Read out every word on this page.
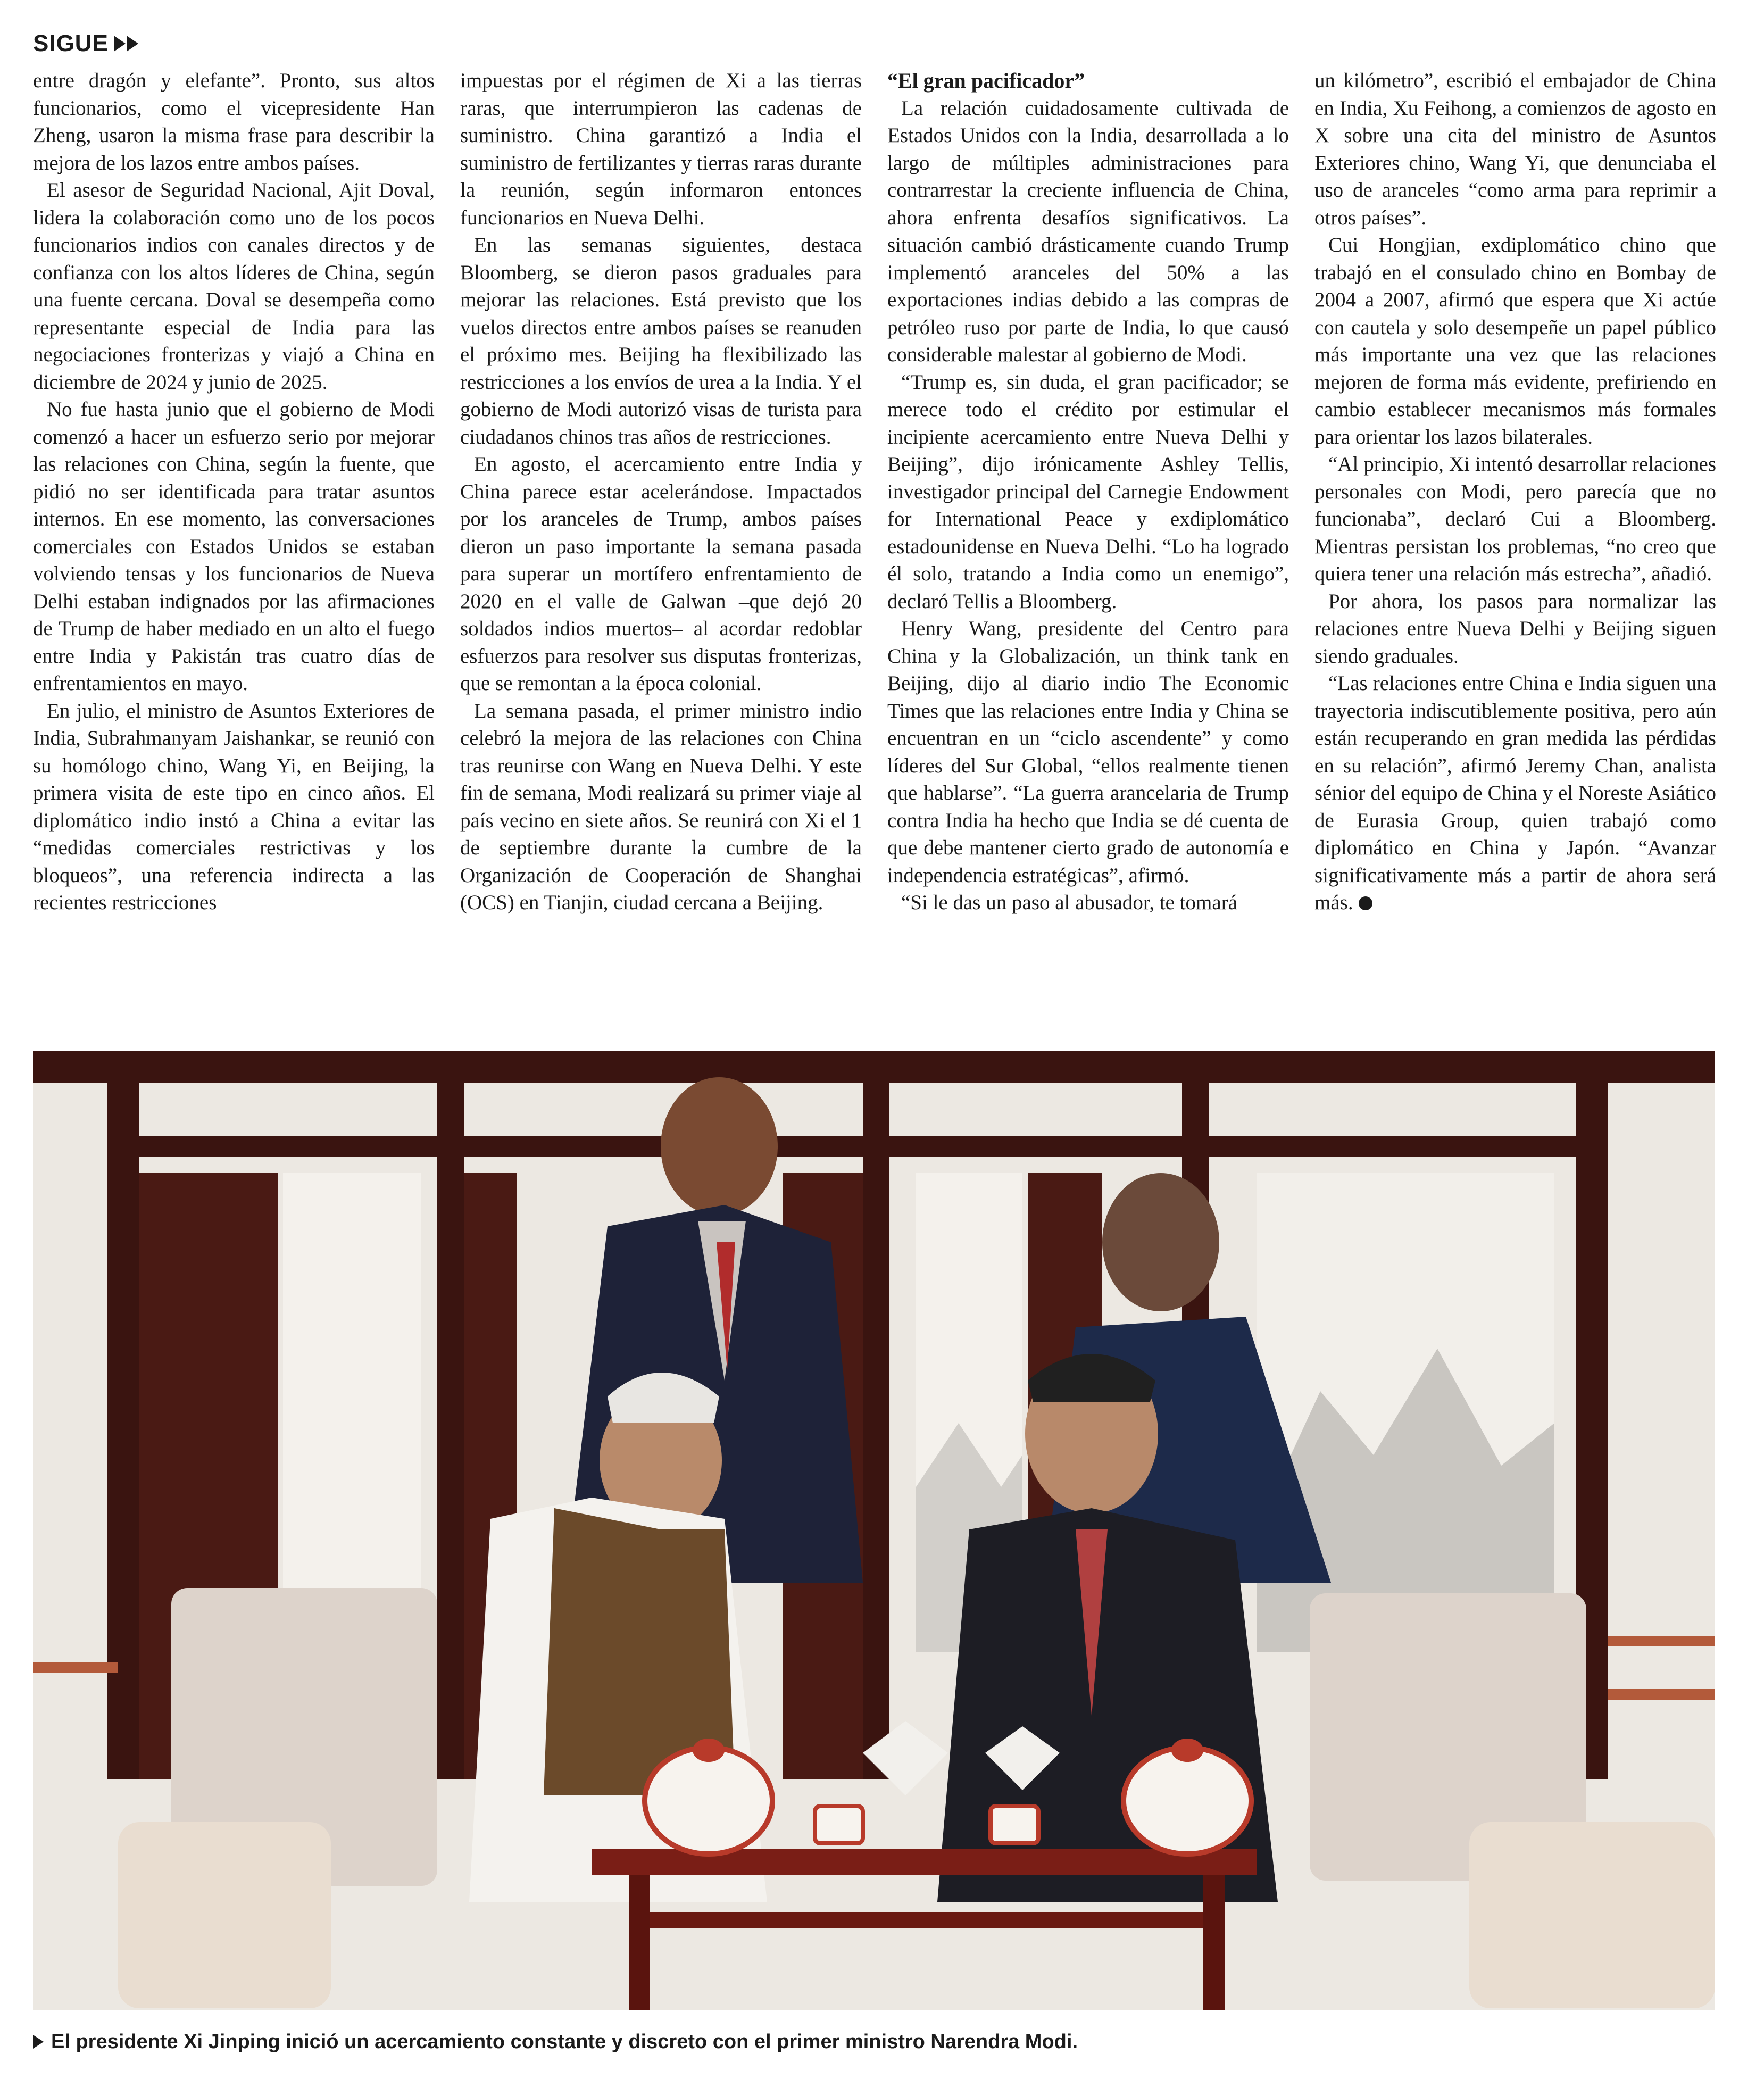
SIGUE

entre dragón y elefante”. Pronto, sus altos funcionarios, como el vicepresidente Han Zheng, usaron la misma frase para describir la mejora de los lazos entre ambos países.

El asesor de Seguridad Nacional, Ajit Doval, lidera la colaboración como uno de los pocos funcionarios indios con canales directos y de confianza con los altos líderes de China, según una fuente cercana. Doval se desempeña como representante especial de India para las negociaciones fronterizas y viajó a China en diciembre de 2024 y junio de 2025.

No fue hasta junio que el gobierno de Modi comenzó a hacer un esfuerzo serio por mejorar las relaciones con China, según la fuente, que pidió no ser identificada para tratar asuntos internos. En ese momento, las conversaciones comerciales con Estados Unidos se estaban volviendo tensas y los funcionarios de Nueva Delhi estaban indignados por las afirmaciones de Trump de haber mediado en un alto el fuego entre India y Pakistán tras cuatro días de enfrentamientos en mayo.

En julio, el ministro de Asuntos Exteriores de India, Subrahmanyam Jaishankar, se reunió con su homólogo chino, Wang Yi, en Beijing, la primera visita de este tipo en cinco años. El diplomático indio instó a China a evitar las “medidas comerciales restrictivas y los bloqueos”, una referencia indirecta a las recientes restricciones

impuestas por el régimen de Xi a las tierras raras, que interrumpieron las cadenas de suministro. China garantizó a India el suministro de fertilizantes y tierras raras durante la reunión, según informaron entonces funcionarios en Nueva Delhi.

En las semanas siguientes, destaca Bloomberg, se dieron pasos graduales para mejorar las relaciones. Está previsto que los vuelos directos entre ambos países se reanuden el próximo mes. Beijing ha flexibilizado las restricciones a los envíos de urea a la India. Y el gobierno de Modi autorizó visas de turista para ciudadanos chinos tras años de restricciones.

En agosto, el acercamiento entre India y China parece estar acelerándose. Impactados por los aranceles de Trump, ambos países dieron un paso importante la semana pasada para superar un mortífero enfrentamiento de 2020 en el valle de Galwan –que dejó 20 soldados indios muertos– al acordar redoblar esfuerzos para resolver sus disputas fronterizas, que se remontan a la época colonial.

La semana pasada, el primer ministro indio celebró la mejora de las relaciones con China tras reunirse con Wang en Nueva Delhi. Y este fin de semana, Modi realizará su primer viaje al país vecino en siete años. Se reunirá con Xi el 1 de septiembre durante la cumbre de la Organización de Cooperación de Shanghai (OCS) en Tianjin, ciudad cercana a Beijing.

“El gran pacificador”

La relación cuidadosamente cultivada de Estados Unidos con la India, desarrollada a lo largo de múltiples administraciones para contrarrestar la creciente influencia de China, ahora enfrenta desafíos significativos. La situación cambió drásticamente cuando Trump implementó aranceles del 50% a las exportaciones indias debido a las compras de petróleo ruso por parte de India, lo que causó considerable malestar al gobierno de Modi.

“Trump es, sin duda, el gran pacificador; se merece todo el crédito por estimular el incipiente acercamiento entre Nueva Delhi y Beijing”, dijo irónicamente Ashley Tellis, investigador principal del Carnegie Endowment for International Peace y exdiplomático estadounidense en Nueva Delhi. “Lo ha logrado él solo, tratando a India como un enemigo”, declaró Tellis a Bloomberg.

Henry Wang, presidente del Centro para China y la Globalización, un think tank en Beijing, dijo al diario indio The Economic Times que las relaciones entre India y China se encuentran en un “ciclo ascendente” y como líderes del Sur Global, “ellos realmente tienen que hablarse”. “La guerra arancelaria de Trump contra India ha hecho que India se dé cuenta de que debe mantener cierto grado de autonomía e independencia estratégicas”, afirmó.

“Si le das un paso al abusador, te tomará

un kilómetro”, escribió el embajador de China en India, Xu Feihong, a comienzos de agosto en X sobre una cita del ministro de Asuntos Exteriores chino, Wang Yi, que denunciaba el uso de aranceles “como arma para reprimir a otros países”.

Cui Hongjian, exdiplomático chino que trabajó en el consulado chino en Bombay de 2004 a 2007, afirmó que espera que Xi actúe con cautela y solo desempeñe un papel público más importante una vez que las relaciones mejoren de forma más evidente, prefiriendo en cambio establecer mecanismos más formales para orientar los lazos bilaterales.

“Al principio, Xi intentó desarrollar relaciones personales con Modi, pero parecía que no funcionaba”, declaró Cui a Bloomberg. Mientras persistan los problemas, “no creo que quiera tener una relación más estrecha”, añadió.

Por ahora, los pasos para normalizar las relaciones entre Nueva Delhi y Beijing siguen siendo graduales.

“Las relaciones entre China e India siguen una trayectoria indiscutiblemente positiva, pero aún están recuperando en gran medida las pérdidas en su relación”, afirmó Jeremy Chan, analista sénior del equipo de China y el Noreste Asiático de Eurasia Group, quien trabajó como diplomático en China y Japón. “Avanzar significativamente más a partir de ahora será más.

El presidente Xi Jinping inició un acercamiento constante y discreto con el primer ministro Narendra Modi.
